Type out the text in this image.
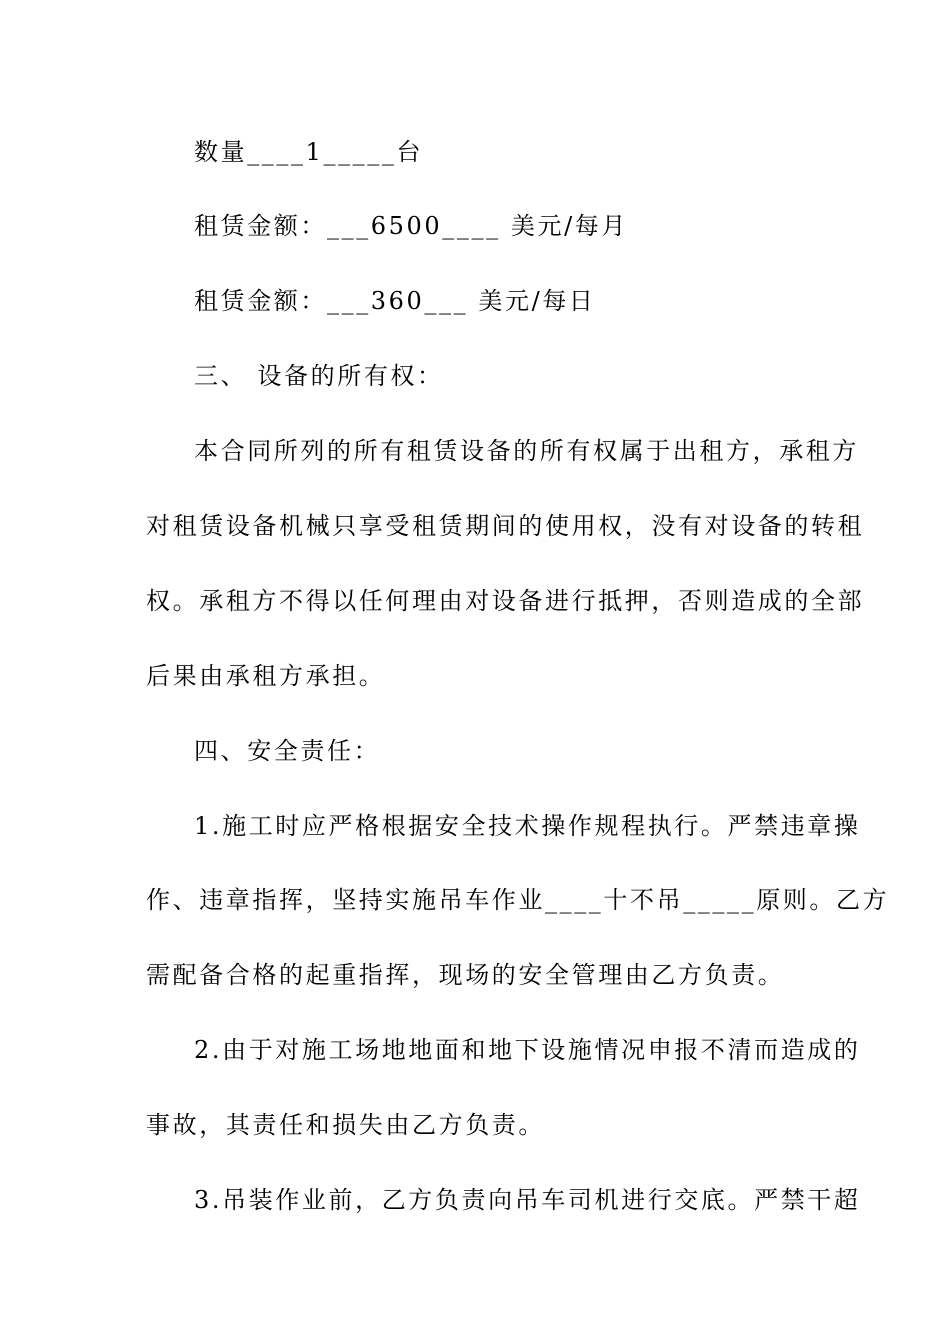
数量____1_____台
租赁金额：___6500____ 美元/每月
租赁金额：___360___ 美元/每日
三、 设备的所有权：
本合同所列的所有租赁设备的所有权属于出租方，承租方
对租赁设备机械只享受租赁期间的使用权，没有对设备的转租
权。承租方不得以任何理由对设备进行抵押，否则造成的全部
后果由承租方承担。
四、安全责任：
1.施工时应严格根据安全技术操作规程执行。严禁违章操
作、违章指挥，坚持实施吊车作业____十不吊_____原则。乙方
需配备合格的起重指挥，现场的安全管理由乙方负责。
2.由于对施工场地地面和地下设施情况申报不清而造成的
事故，其责任和损失由乙方负责。
3.吊装作业前，乙方负责向吊车司机进行交底。严禁干超
